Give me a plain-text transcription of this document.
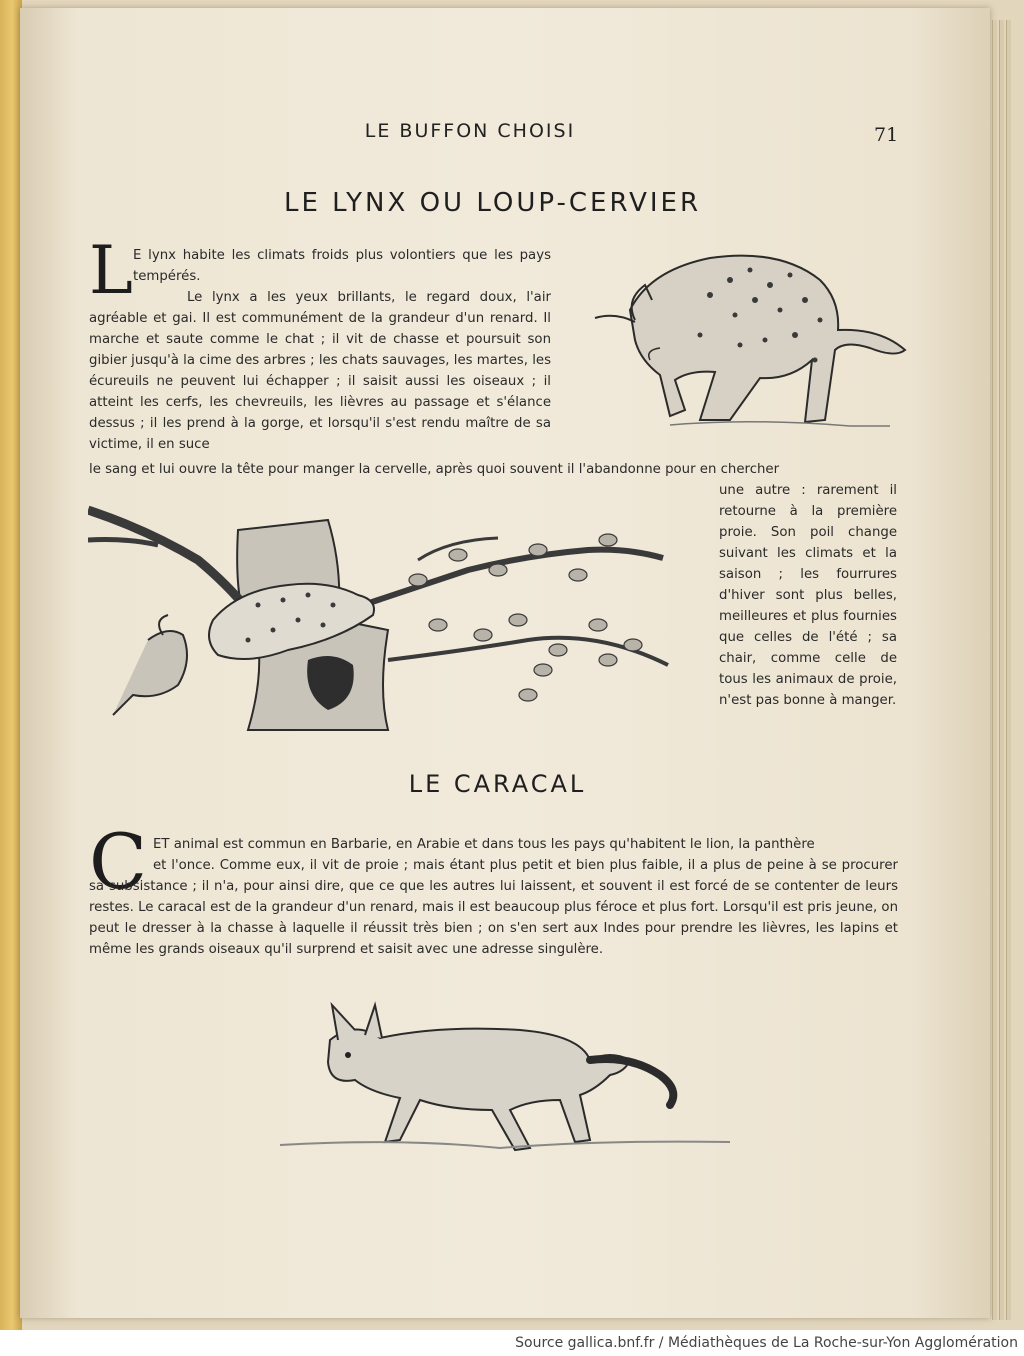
LE BUFFON CHOISI	71
LE LYNX OU LOUP-CERVIER
L E lynx habite les climats froids plus volontiers que les pays tempérés.
Le lynx a les yeux brillants, le regard doux, l'air agréable et gai. Il est communément de la grandeur d'un renard. Il marche et saute comme le chat ; il vit de chasse et poursuit son gibier jusqu'à la cime des arbres ; les chats sauvages, les martes, les écureuils ne peuvent lui échapper ; il saisit aussi les oiseaux ; il atteint les cerfs, les chevreuils, les lièvres au passage et s'élance dessus ; il les prend à la gorge, et lorsqu'il s'est rendu maître de sa victime, il en suce
le sang et lui ouvre la tête pour manger la cervelle, après quoi souvent il l'abandonne pour en chercher
une autre : rarement il retourne à la première proie. Son poil change suivant les climats et la saison ; les fourrures d'hiver sont plus belles, meilleures et plus fournies que celles de l'été ; sa chair, comme celle de tous les animaux de proie, n'est pas bonne à manger.
LE CARACAL
C ET animal est commun en Barbarie, en Arabie et dans tous les pays qu'habitent le lion, la panthère
et l'once. Comme eux, il vit de proie ; mais étant plus petit et bien plus faible, il a plus de peine à se procurer sa subsistance ; il n'a, pour ainsi dire, que ce que les autres lui laissent, et souvent il est forcé de se contenter de leurs restes. Le caracal est de la grandeur d'un renard, mais il est beaucoup plus féroce et plus fort. Lorsqu'il est pris jeune, on peut le dresser à la chasse à laquelle il réussit très bien ; on s'en sert aux Indes pour prendre les lièvres, les lapins et même les grands oiseaux qu'il surprend et saisit avec une adresse singulère.
Source gallica.bnf.fr / Médiathèques de La Roche-sur-Yon Agglomération
